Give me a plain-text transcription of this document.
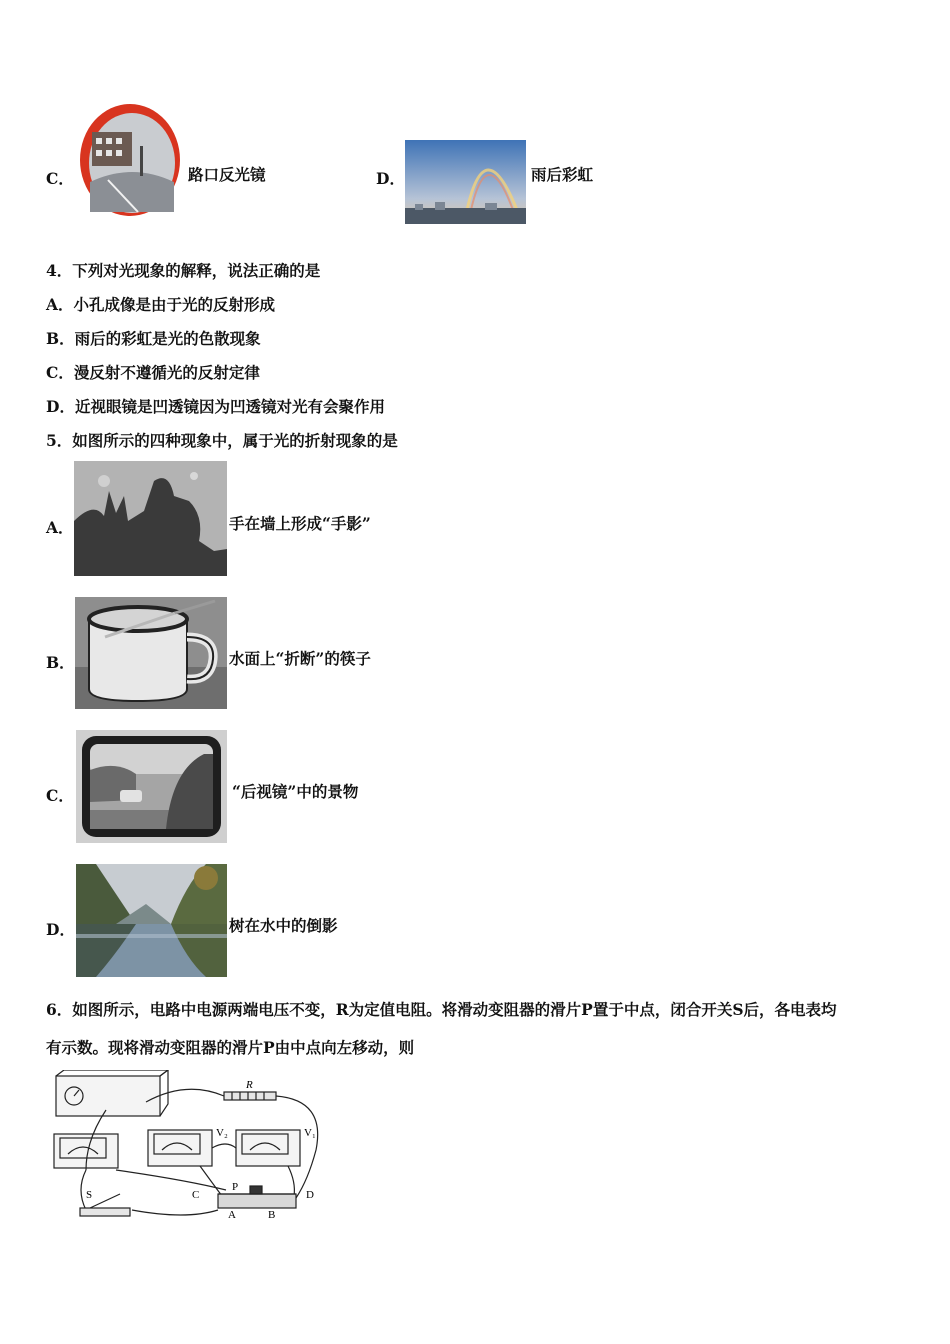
C．	路口反光镜	D．	雨后彩虹
4．下列对光现象的解释，说法正确的是
A．小孔成像是由于光的反射形成
B．雨后的彩虹是光的色散现象
C．漫反射不遵循光的反射定律
D．近视眼镜是凹透镜因为凹透镜对光有会聚作用
5．如图所示的四种现象中，属于光的折射现象的是
A．	手在墙上形成“手影”
B．	水面上“折断”的筷子
C．	“后视镜”中的景物
D．	树在水中的倒影
6．如图所示，电路中电源两端电压不变，R为定值电阻。将滑动变阻器的滑片P置于中点，闭合开关S后，各电表均
有示数。现将滑动变阻器的滑片P由中点向左移动，则
R
V₂	V₁
S	C
P
D
A	B
